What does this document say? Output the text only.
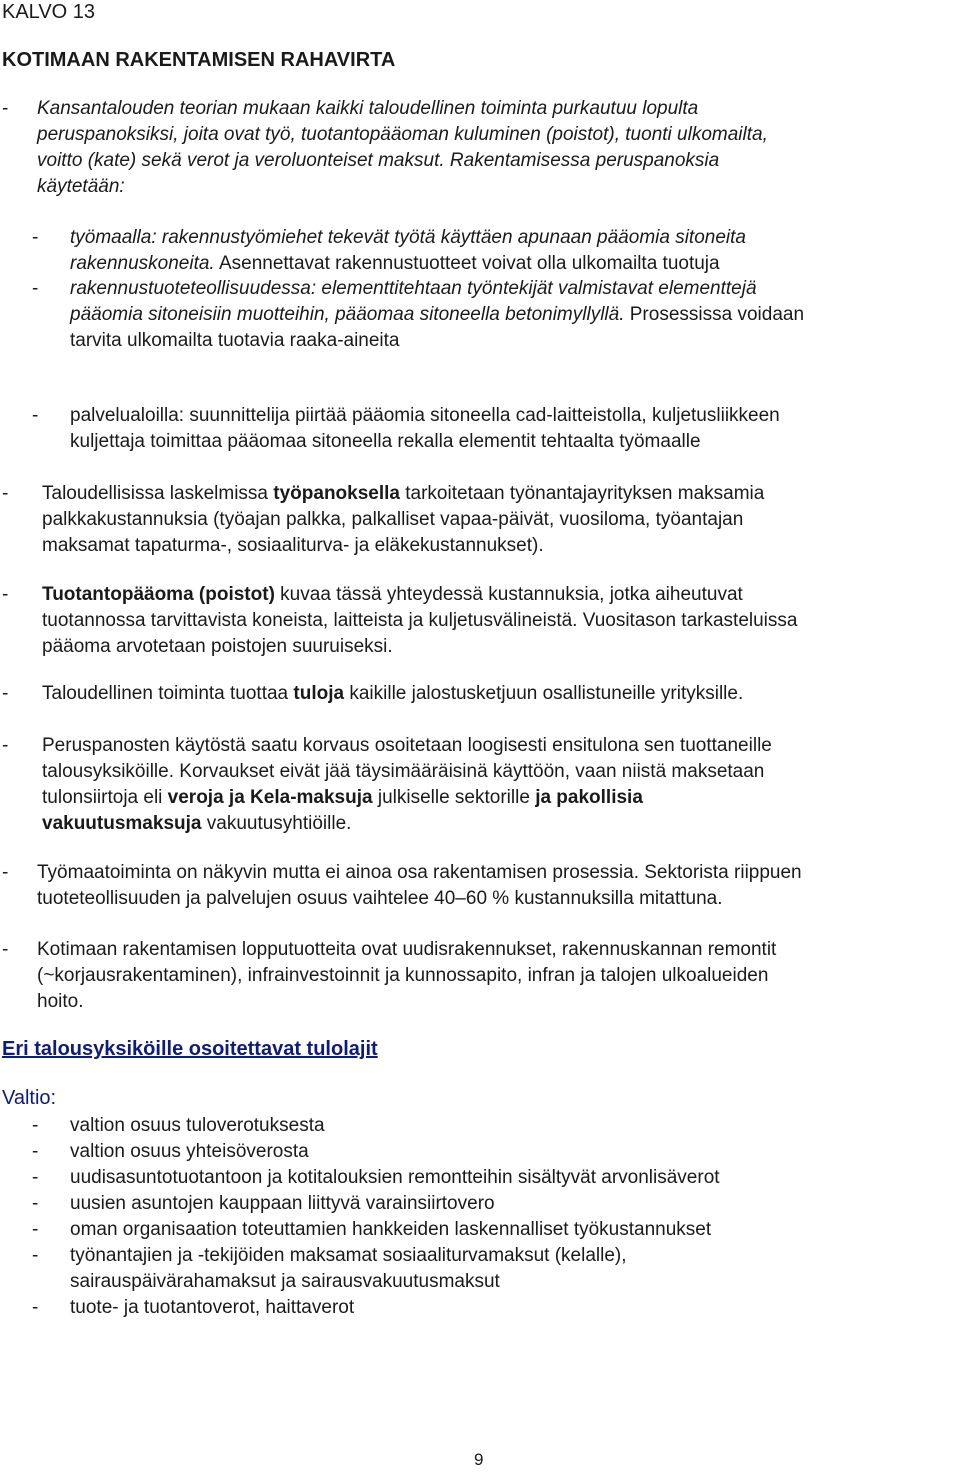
KALVO 13
KOTIMAAN RAKENTAMISEN RAHAVIRTA
- Kansantalouden teorian mukaan kaikki taloudellinen toiminta purkautuu lopulta
peruspanoksiksi, joita ovat työ, tuotantopääoman kuluminen (poistot), tuonti ulkomailta,
voitto (kate) sekä verot ja veroluonteiset maksut. Rakentamisessa peruspanoksia
käytetään:
- työmaalla: rakennustyömiehet tekevät työtä käyttäen apunaan pääomia sitoneita
rakennuskoneita. Asennettavat rakennustuotteet voivat olla ulkomailta tuotuja
- rakennustuoteteollisuudessa: elementtitehtaan työntekijät valmistavat elementtejä
pääomia sitoneisiin muotteihin, pääomaa sitoneella betonimyllyllä. Prosessissa voidaan
tarvita ulkomailta tuotavia raaka-aineita
- palvelualoilla: suunnittelija piirtää pääomia sitoneella cad-laitteistolla, kuljetusliikkeen
kuljettaja toimittaa pääomaa sitoneella rekalla elementit tehtaalta työmaalle
- Taloudellisissa laskelmissa työpanoksella tarkoitetaan työnantajayrityksen maksamia
palkkakustannuksia (työajan palkka, palkalliset vapaa-päivät, vuosiloma, työantajan
maksamat tapaturma-, sosiaaliturva- ja eläkekustannukset).
- Tuotantopääoma (poistot) kuvaa tässä yhteydessä kustannuksia, jotka aiheutuvat
tuotannossa tarvittavista koneista, laitteista ja kuljetusvälineistä. Vuositason tarkasteluissa
pääoma arvotetaan poistojen suuruiseksi.
- Taloudellinen toiminta tuottaa tuloja kaikille jalostusketjuun osallistuneille yrityksille.
- Peruspanosten käytöstä saatu korvaus osoitetaan loogisesti ensitulona sen tuottaneille
talousyksiköille. Korvaukset eivät jää täysimääräisinä käyttöön, vaan niistä maksetaan
tulonsiirtoja eli veroja ja Kela-maksuja julkiselle sektorille ja pakollisia
vakuutusmaksuja vakuutusyhtiöille.
- Työmaatoiminta on näkyvin mutta ei ainoa osa rakentamisen prosessia. Sektorista riippuen
tuoteteollisuuden ja palvelujen osuus vaihtelee 40–60 % kustannuksilla mitattuna.
- Kotimaan rakentamisen lopputuotteita ovat uudisrakennukset, rakennuskannan remontit
(~korjausrakentaminen), infrainvestoinnit ja kunnossapito, infran ja talojen ulkoalueiden
hoito.
Eri talousyksiköille osoitettavat tulolajit
Valtio:
- valtion osuus tuloverotuksesta
- valtion osuus yhteisöverosta
- uudisasuntotuotantoon ja kotitalouksien remontteihin sisältyvät arvonlisäverot
- uusien asuntojen kauppaan liittyvä varainsiirtovero
- oman organisaation toteuttamien hankkeiden laskennalliset työkustannukset
- työnantajien ja -tekijöiden maksamat sosiaaliturvamaksut (kelalle),
sairauspäivärahamaksut ja sairausvakuutusmaksut
- tuote- ja tuotantoverot, haittaverot
9
